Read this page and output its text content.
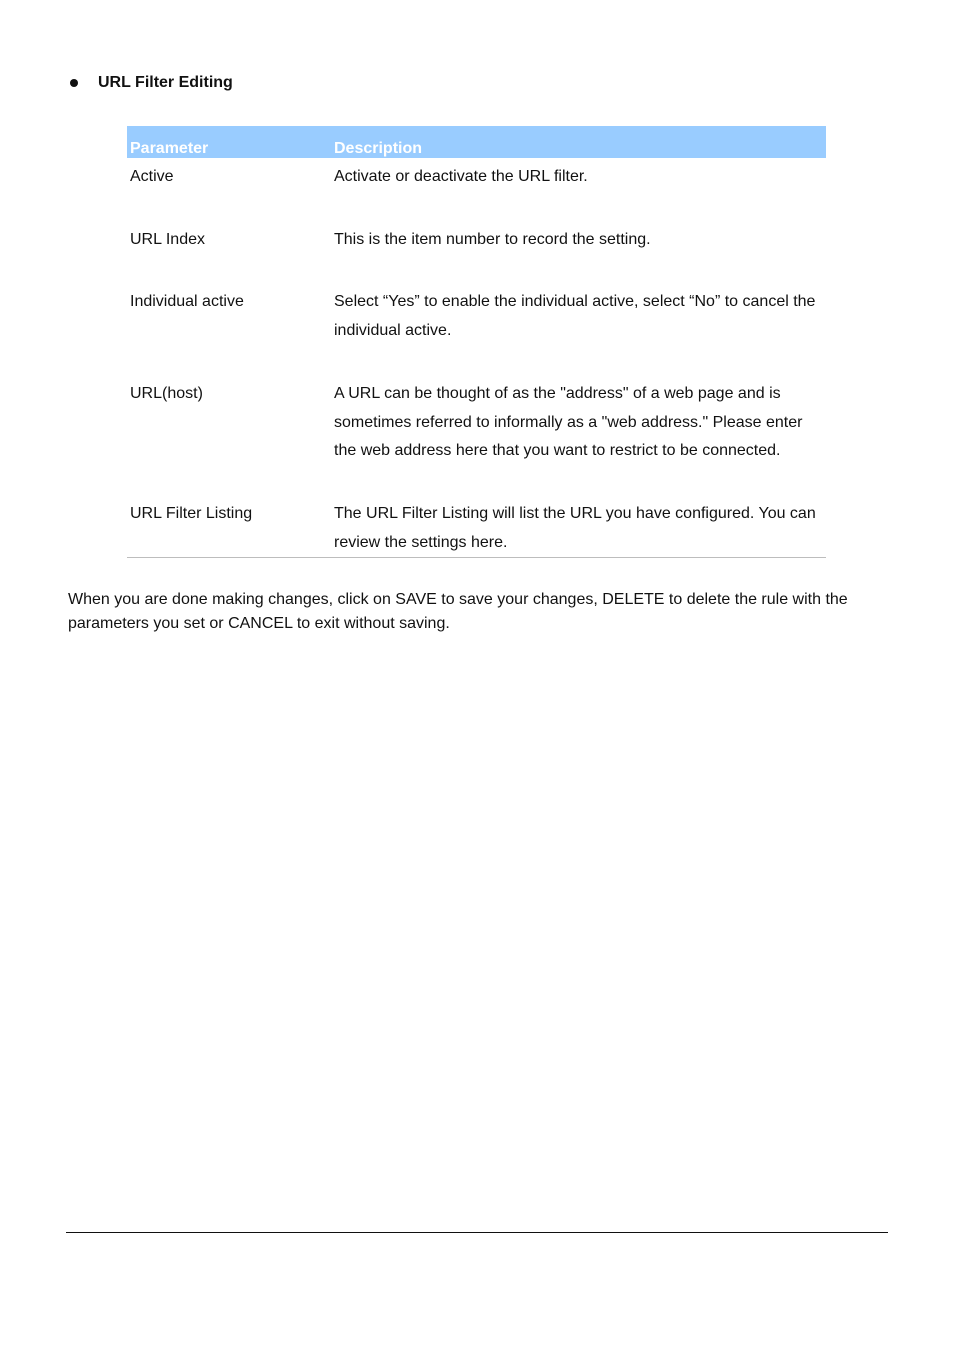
URL Filter Editing
Parameter	Description
Active	Activate or deactivate the URL filter.

URL Index	This is the item number to record the setting.

Individual active	Select “Yes” to enable the individual active, select “No” to cancel the individual active.

URL(host)	A URL can be thought of as the "address" of a web page and is sometimes referred to informally as a "web address." Please enter the web address here that you want to restrict to be connected.

URL Filter Listing	The URL Filter Listing will list the URL you have configured. You can review the settings here.

When you are done making changes, click on SAVE to save your changes, DELETE to delete the rule with the parameters you set or CANCEL to exit without saving.
